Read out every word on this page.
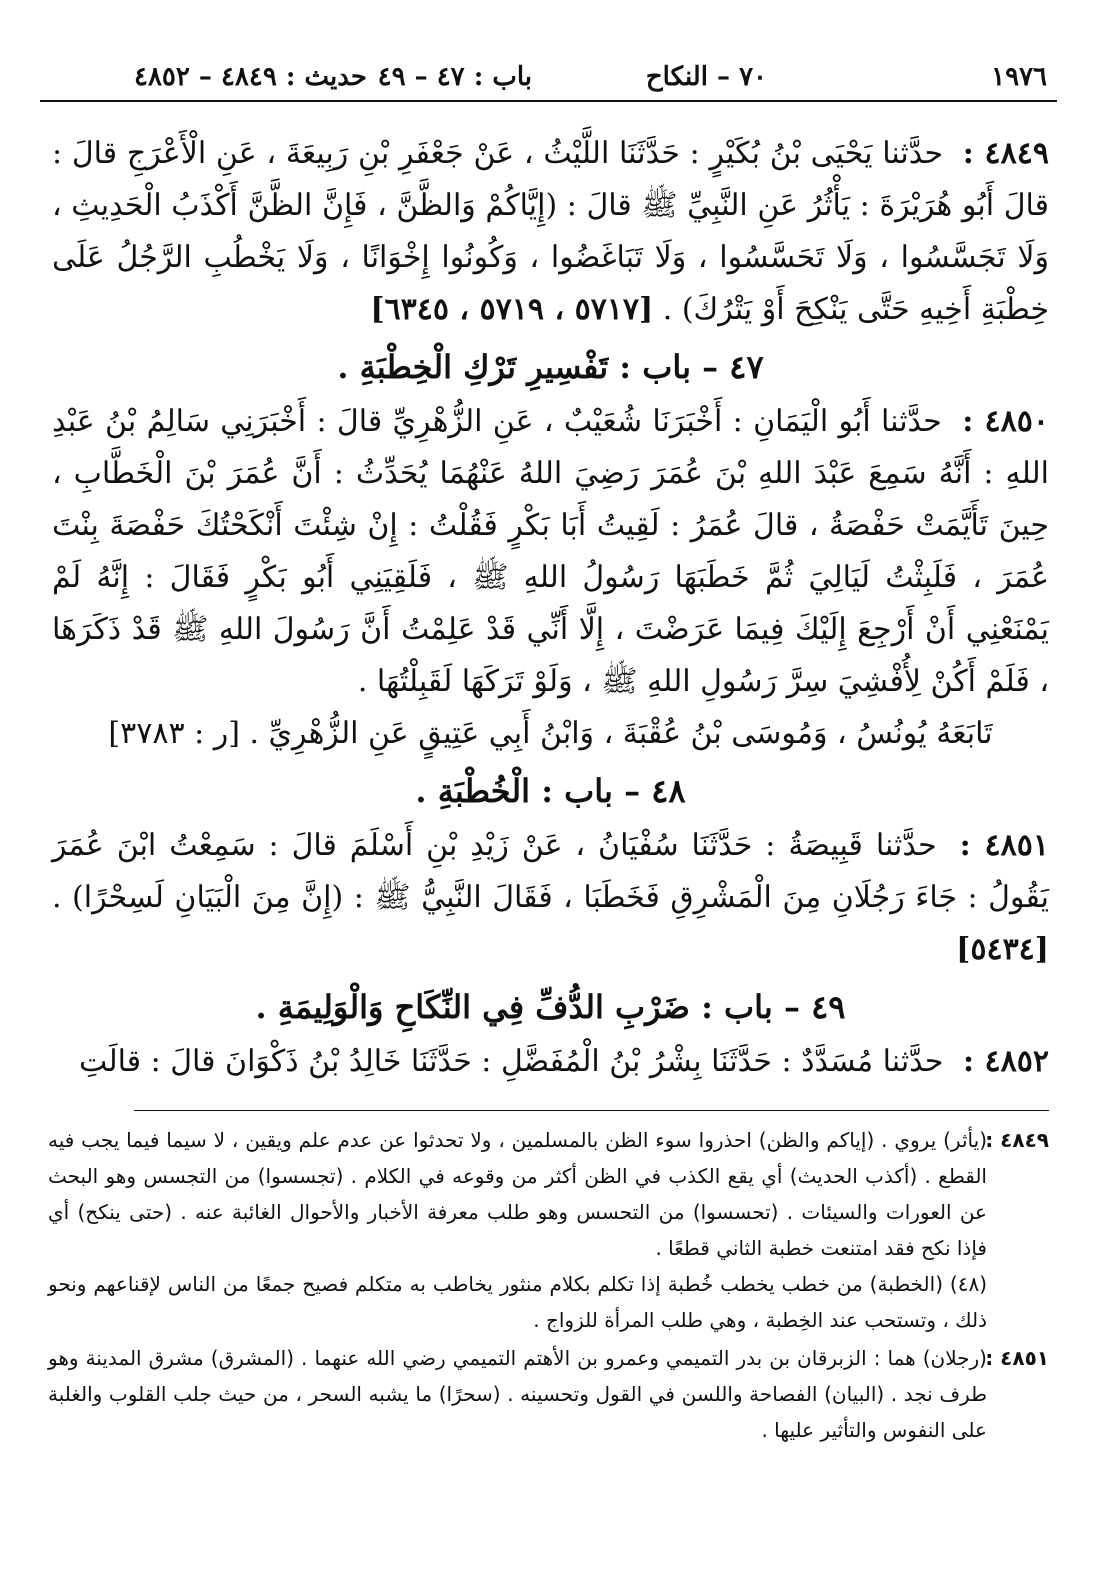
١٩٧٦
٧٠ – النكاح
باب : ٤٧ – ٤٩
حديث : ٤٨٤٩ – ٤٨٥٢

٤٨٤٩ : حدَّثنا يَحْيَى بْنُ بُكَيْرٍ : حَدَّثَنَا اللَّيْثُ ، عَنْ جَعْفَرِ بْنِ رَبِيعَةَ ، عَنِ الْأَعْرَجِ قالَ : قالَ أَبُو هُرَيْرَةَ : يَأْثُرُ عَنِ النَّبِيِّ ﷺ قالَ : (إِيَّاكُمْ وَالظَّنَّ ، فَإِنَّ الظَّنَّ أَكْذَبُ الْحَدِيثِ ، وَلَا تَجَسَّسُوا ، وَلَا تَحَسَّسُوا ، وَلَا تَبَاغَضُوا ، وَكُونُوا إِخْوَانًا ، وَلَا يَخْطُبِ الرَّجُلُ عَلَى خِطْبَةِ أَخِيهِ حَتَّى يَنْكِحَ أَوْ يَتْرُكَ) . [٥٧١٧ ، ٥٧١٩ ، ٦٣٤٥]

٤٧ – باب : تَفْسِيرِ تَرْكِ الْخِطْبَةِ .

٤٨٥٠ : حدَّثنا أَبُو الْيَمَانِ : أَخْبَرَنَا شُعَيْبٌ ، عَنِ الزُّهْرِيِّ قالَ : أَخْبَرَنِي سَالِمُ بْنُ عَبْدِ اللهِ : أَنَّهُ سَمِعَ عَبْدَ اللهِ بْنَ عُمَرَ رَضِيَ اللهُ عَنْهُمَا يُحَدِّثُ : أَنَّ عُمَرَ بْنَ الْخَطَّابِ ، حِينَ تَأَيَّمَتْ حَفْصَةُ ، قالَ عُمَرُ : لَقِيتُ أَبَا بَكْرٍ فَقُلْتُ : إِنْ شِئْتَ أَنْكَحْتُكَ حَفْصَةَ بِنْتَ عُمَرَ ، فَلَبِثْتُ لَيَالِيَ ثُمَّ خَطَبَهَا رَسُولُ اللهِ ﷺ ، فَلَقِيَنِي أَبُو بَكْرٍ فَقَالَ : إِنَّهُ لَمْ يَمْنَعْنِي أَنْ أَرْجِعَ إِلَيْكَ فِيمَا عَرَضْتَ ، إِلَّا أَنِّي قَدْ عَلِمْتُ أَنَّ رَسُولَ اللهِ ﷺ قَدْ ذَكَرَهَا ، فَلَمْ أَكُنْ لِأُفْشِيَ سِرَّ رَسُولِ اللهِ ﷺ ، وَلَوْ تَرَكَهَا لَقَبِلْتُهَا .

تَابَعَهُ يُونُسُ ، وَمُوسَى بْنُ عُقْبَةَ ، وَابْنُ أَبِي عَتِيقٍ عَنِ الزُّهْرِيِّ . [ر : ٣٧٨٣]

٤٨ – باب : الْخُطْبَةِ .

٤٨٥١ : حدَّثنا قَبِيصَةُ : حَدَّثَنَا سُفْيَانُ ، عَنْ زَيْدِ بْنِ أَسْلَمَ قالَ : سَمِعْتُ ابْنَ عُمَرَ يَقُولُ : جَاءَ رَجُلَانِ مِنَ الْمَشْرِقِ فَخَطَبَا ، فَقَالَ النَّبِيُّ ﷺ : (إِنَّ مِنَ الْبَيَانِ لَسِحْرًا) . [٥٤٣٤]

٤٩ – باب : ضَرْبِ الدُّفِّ فِي النِّكَاحِ وَالْوَلِيمَةِ .

٤٨٥٢ : حدَّثنا مُسَدَّدٌ : حَدَّثَنَا بِشْرُ بْنُ الْمُفَضَّلِ : حَدَّثَنَا خَالِدُ بْنُ ذَكْوَانَ قالَ : قالَتِ

٤٨٤٩ :
(يأثر) يروي . (إياكم والظن) احذروا سوء الظن بالمسلمين ، ولا تحدثوا عن عدم علم ويقين ، لا سيما فيما يجب فيه القطع . (أكذب الحديث) أي يقع الكذب في الظن أكثر من وقوعه في الكلام . (تجسسوا) من التجسس وهو البحث عن العورات والسيئات . (تحسسوا) من التحسس وهو طلب معرفة الأخبار والأحوال الغائبة عنه . (حتى ينكح) أي فإذا نكح فقد امتنعت خطبة الثاني قطعًا .
(٤٨) (الخطبة) من خطب يخطب خُطبة إذا تكلم بكلام منثور يخاطب به متكلم فصيح جمعًا من الناس لإقناعهم ونحو ذلك ، وتستحب عند الخِطبة ، وهي طلب المرأة للزواج .

٤٨٥١ :
(رجلان) هما : الزبرقان بن بدر التميمي وعمرو بن الأهتم التميمي رضي الله عنهما . (المشرق) مشرق المدينة وهو طرف نجد . (البيان) الفصاحة واللسن في القول وتحسينه . (سحرًا) ما يشبه السحر ، من حيث جلب القلوب والغلبة على النفوس والتأثير عليها .
